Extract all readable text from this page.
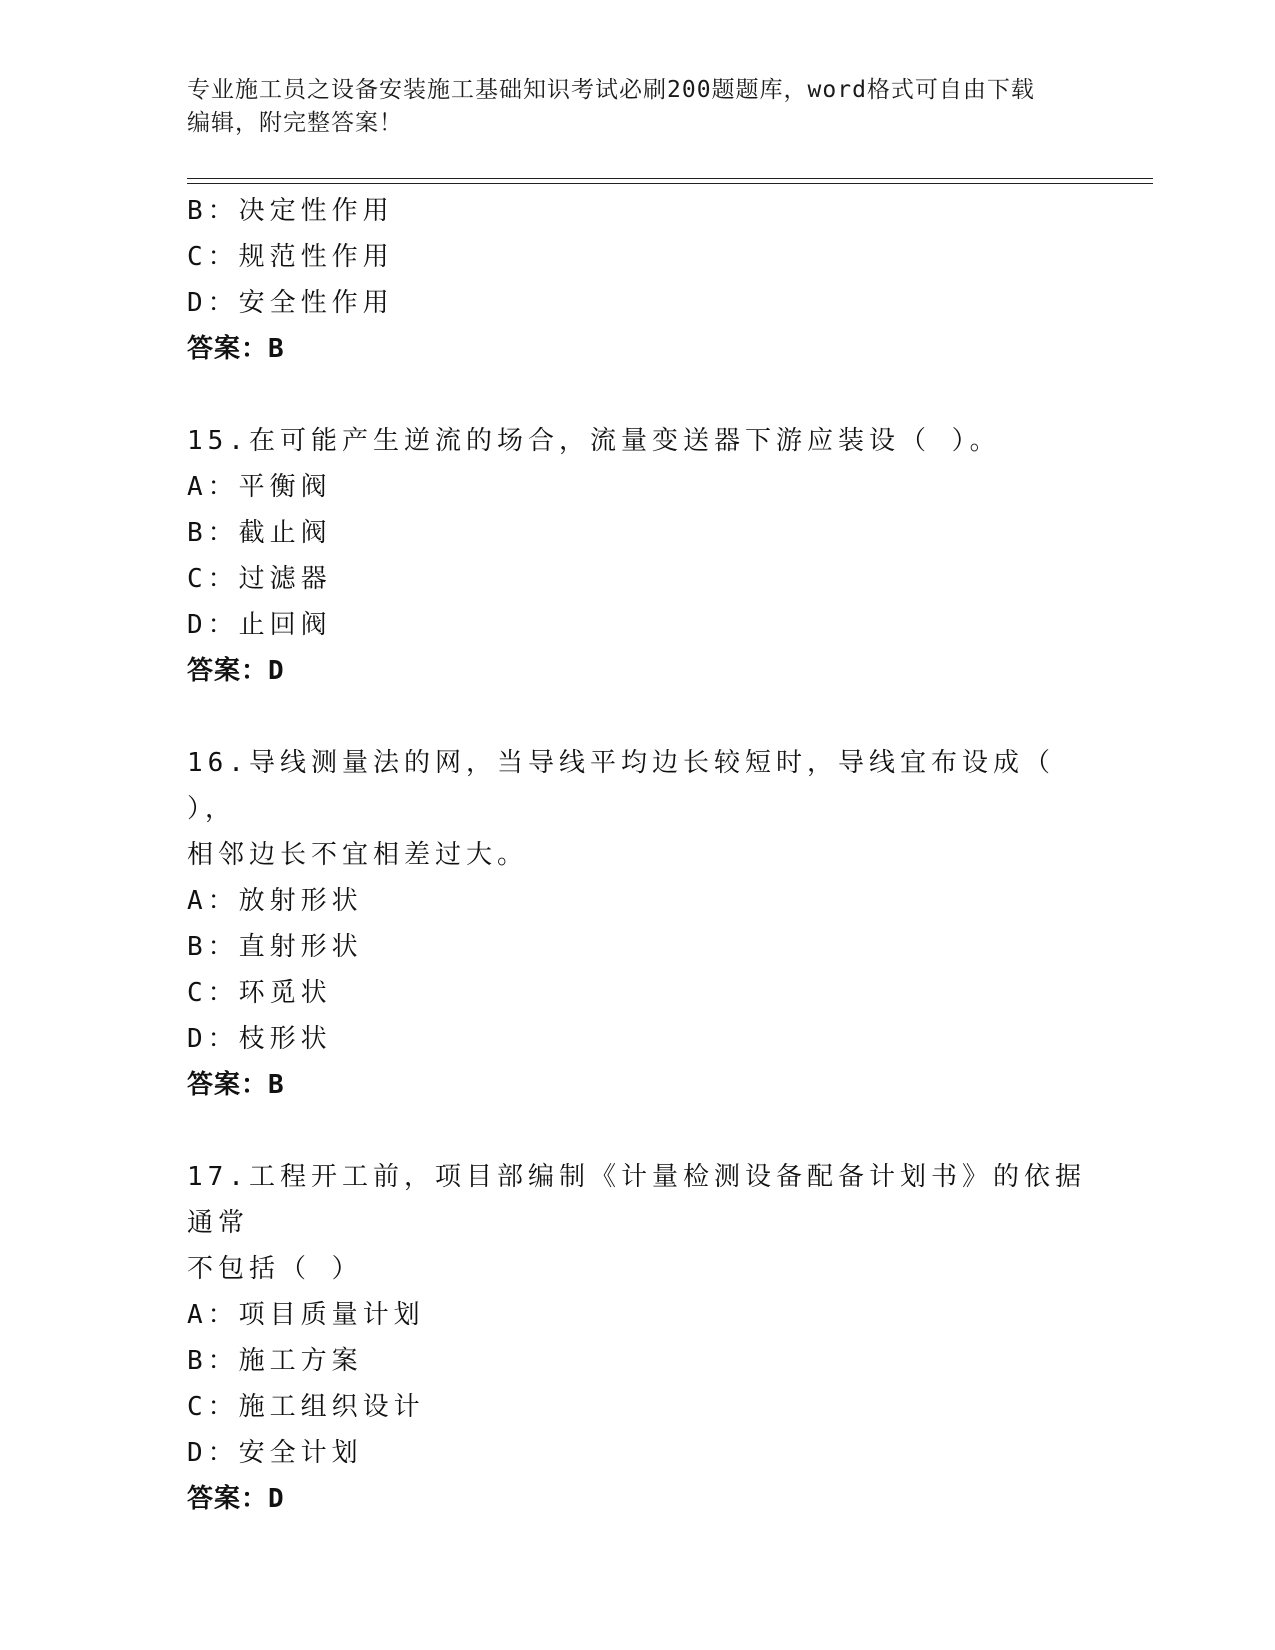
专业施工员之设备安装施工基础知识考试必刷200题题库，word格式可自由下载
编辑，附完整答案！
B：决定性作用
C：规范性作用
D：安全性作用
答案：B
15.在可能产生逆流的场合，流量变送器下游应装设（ ）。
A：平衡阀
B：截止阀
C：过滤器
D：止回阀
答案：D
16.导线测量法的网，当导线平均边长较短时，导线宜布设成（ ），
相邻边长不宜相差过大。
A：放射形状
B：直射形状
C：环觅状
D：枝形状
答案：B
17.工程开工前，项目部编制《计量检测设备配备计划书》的依据通常
不包括（ ）
A：项目质量计划
B：施工方案
C：施工组织设计
D：安全计划
答案：D
